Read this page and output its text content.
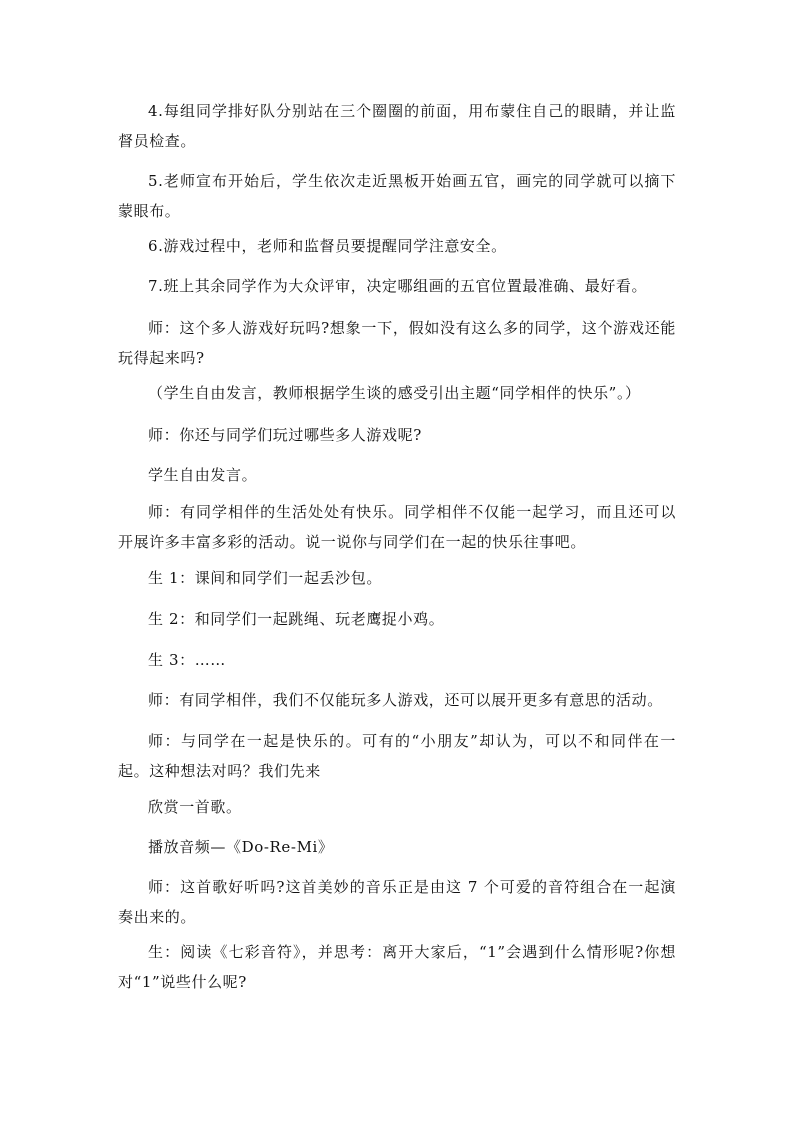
4.每组同学排好队分别站在三个圈圈的前面，用布蒙住自己的眼睛，并让监督员检查。

5.老师宣布开始后，学生依次走近黑板开始画五官，画完的同学就可以摘下蒙眼布。

6.游戏过程中，老师和监督员要提醒同学注意安全。

7.班上其余同学作为大众评审，决定哪组画的五官位置最准确、最好看。

师：这个多人游戏好玩吗?想象一下，假如没有这么多的同学，这个游戏还能玩得起来吗?

（学生自由发言，教师根据学生谈的感受引出主题“同学相伴的快乐”。）

师：你还与同学们玩过哪些多人游戏呢?

学生自由发言。

师：有同学相伴的生活处处有快乐。同学相伴不仅能一起学习，而且还可以开展许多丰富多彩的活动。说一说你与同学们在一起的快乐往事吧。

生 1：课间和同学们一起丢沙包。

生 2：和同学们一起跳绳、玩老鹰捉小鸡。

生 3：……

师：有同学相伴，我们不仅能玩多人游戏，还可以展开更多有意思的活动。

师：与同学在一起是快乐的。可有的“小朋友”却认为，可以不和同伴在一起。这种想法对吗？我们先来

欣赏一首歌。

播放音频—《Do-Re-Mi》

师：这首歌好听吗?这首美妙的音乐正是由这 7 个可爱的音符组合在一起演奏出来的。

生：阅读《七彩音符》，并思考：离开大家后，“1”会遇到什么情形呢?你想对“1”说些什么呢?
